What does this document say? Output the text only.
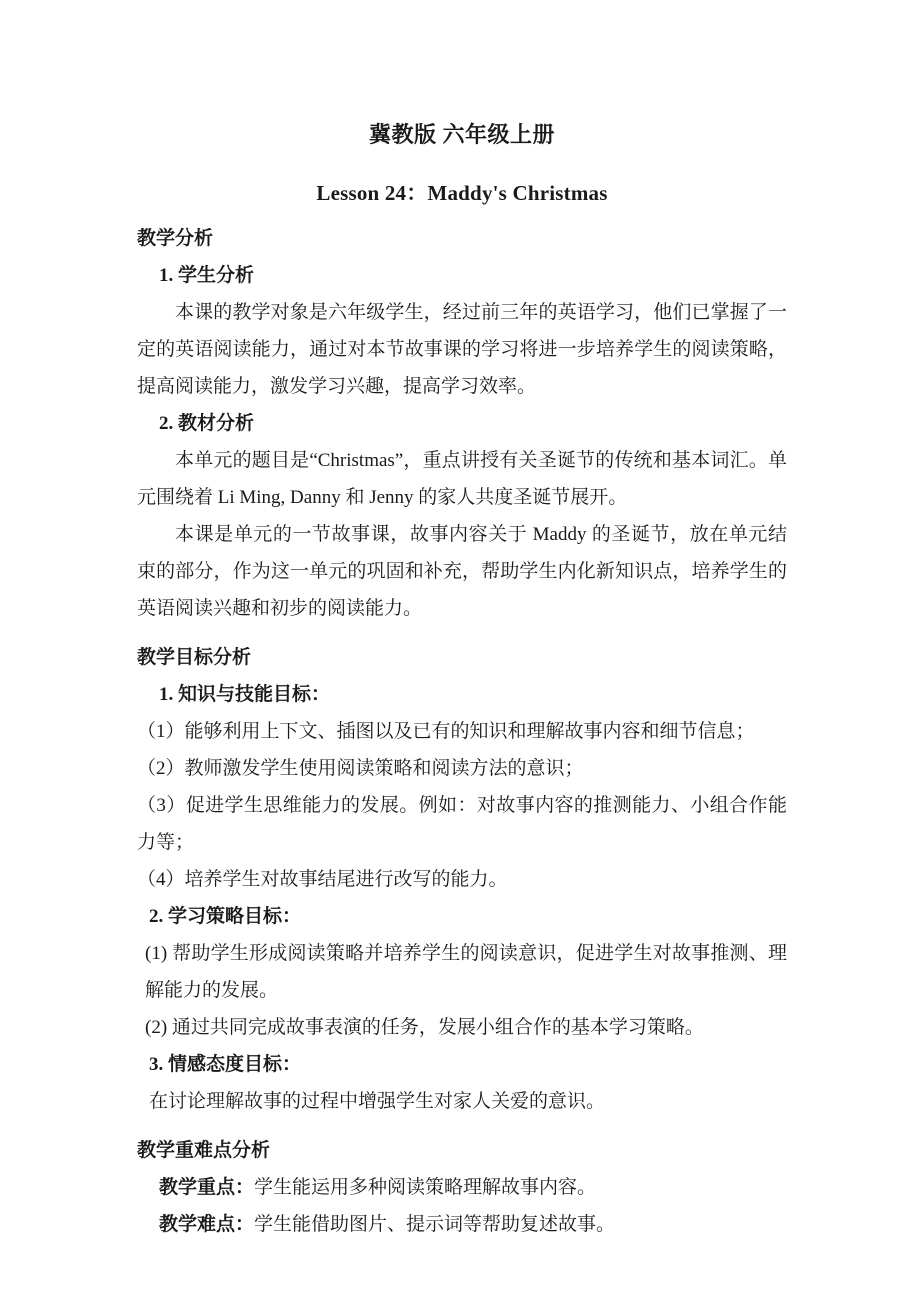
冀教版 六年级上册
Lesson 24：Maddy's Christmas
教学分析
1. 学生分析

本课的教学对象是六年级学生，经过前三年的英语学习，他们已掌握了一定的英语阅读能力，通过对本节故事课的学习将进一步培养学生的阅读策略，提高阅读能力，激发学习兴趣，提高学习效率。

2. 教材分析

本单元的题目是“Christmas”，重点讲授有关圣诞节的传统和基本词汇。单元围绕着 Li Ming, Danny 和 Jenny 的家人共度圣诞节展开。

本课是单元的一节故事课，故事内容关于 Maddy 的圣诞节，放在单元结束的部分，作为这一单元的巩固和补充，帮助学生内化新知识点，培养学生的英语阅读兴趣和初步的阅读能力。

教学目标分析
1. 知识与技能目标：

（1）能够利用上下文、插图以及已有的知识和理解故事内容和细节信息；

（2）教师激发学生使用阅读策略和阅读方法的意识；

（3）促进学生思维能力的发展。例如：对故事内容的推测能力、小组合作能力等；

（4）培养学生对故事结尾进行改写的能力。

2. 学习策略目标：

(1) 帮助学生形成阅读策略并培养学生的阅读意识，促进学生对故事推测、理解能力的发展。

(2) 通过共同完成故事表演的任务，发展小组合作的基本学习策略。

3. 情感态度目标：

在讨论理解故事的过程中增强学生对家人关爱的意识。

教学重难点分析

教学重点：学生能运用多种阅读策略理解故事内容。

教学难点：学生能借助图片、提示词等帮助复述故事。
